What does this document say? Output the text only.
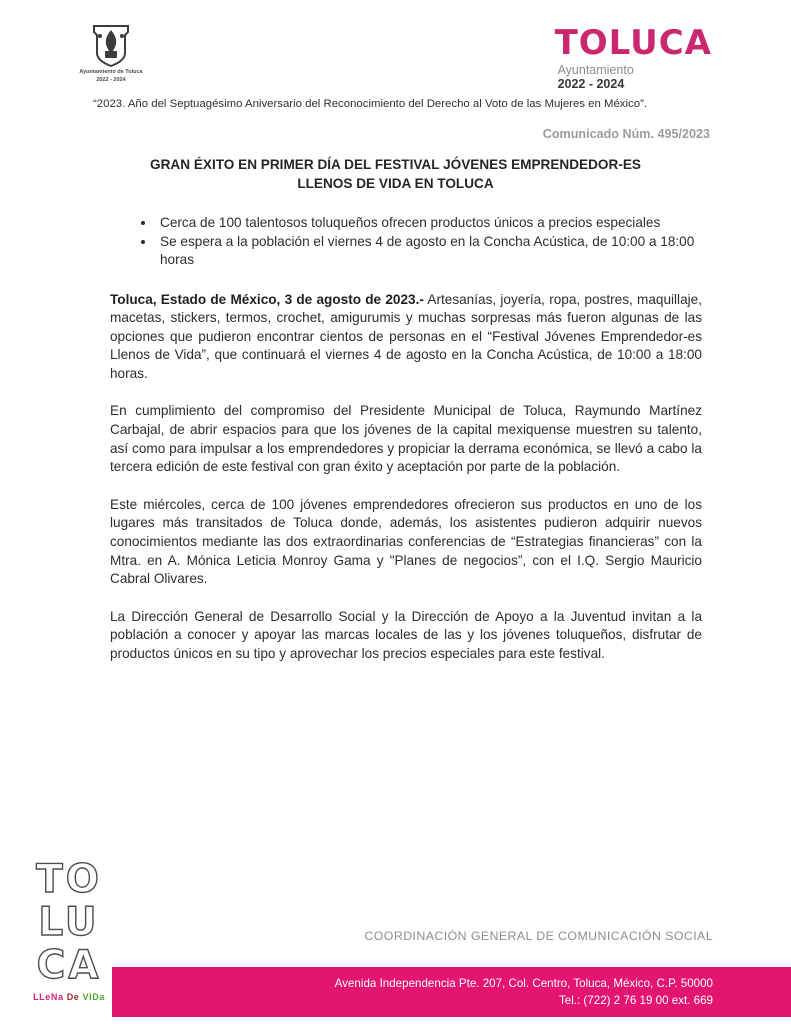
Ayuntamiento de Toluca
2022 - 2024
TOLUCA
Ayuntamiento
2022 - 2024
“2023. Año del Septuagésimo Aniversario del Reconocimiento del Derecho al Voto de las Mujeres en México”.
Comunicado Núm. 495/2023
GRAN ÉXITO EN PRIMER DÍA DEL FESTIVAL JÓVENES EMPRENDEDOR-ES
LLENOS DE VIDA EN TOLUCA
• Cerca de 100 talentosos toluqueños ofrecen productos únicos a precios especiales
• Se espera a la población el viernes 4 de agosto en la Concha Acústica, de 10:00 a 18:00 horas

Toluca, Estado de México, 3 de agosto de 2023.- Artesanías, joyería, ropa, postres, maquillaje, macetas, stickers, termos, crochet, amigurumis y muchas sorpresas más fueron algunas de las opciones que pudieron encontrar cientos de personas en el “Festival Jóvenes Emprendedor-es Llenos de Vida”, que continuará el viernes 4 de agosto en la Concha Acústica, de 10:00 a 18:00 horas.

En cumplimiento del compromiso del Presidente Municipal de Toluca, Raymundo Martínez Carbajal, de abrir espacios para que los jóvenes de la capital mexiquense muestren su talento, así como para impulsar a los emprendedores y propiciar la derrama económica, se llevó a cabo la tercera edición de este festival con gran éxito y aceptación por parte de la población.

Este miércoles, cerca de 100 jóvenes emprendedores ofrecieron sus productos en uno de los lugares más transitados de Toluca donde, además, los asistentes pudieron adquirir nuevos conocimientos mediante las dos extraordinarias conferencias de “Estrategias financieras” con la Mtra. en A. Mónica Leticia Monroy Gama y "Planes de negocios”, con el I.Q. Sergio Mauricio Cabral Olivares.

La Dirección General de Desarrollo Social y la Dirección de Apoyo a la Juventud invitan a la población a conocer y apoyar las marcas locales de las y los jóvenes toluqueños, disfrutar de productos únicos en su tipo y aprovechar los precios especiales para este festival.

TO
LU
CA
LLeNa De VIDa
COORDINACIÓN GENERAL DE COMUNICACIÓN SOCIAL
Avenida Independencia Pte. 207, Col. Centro, Toluca, México, C.P. 50000
Tel.: (722) 2 76 19 00 ext. 669
